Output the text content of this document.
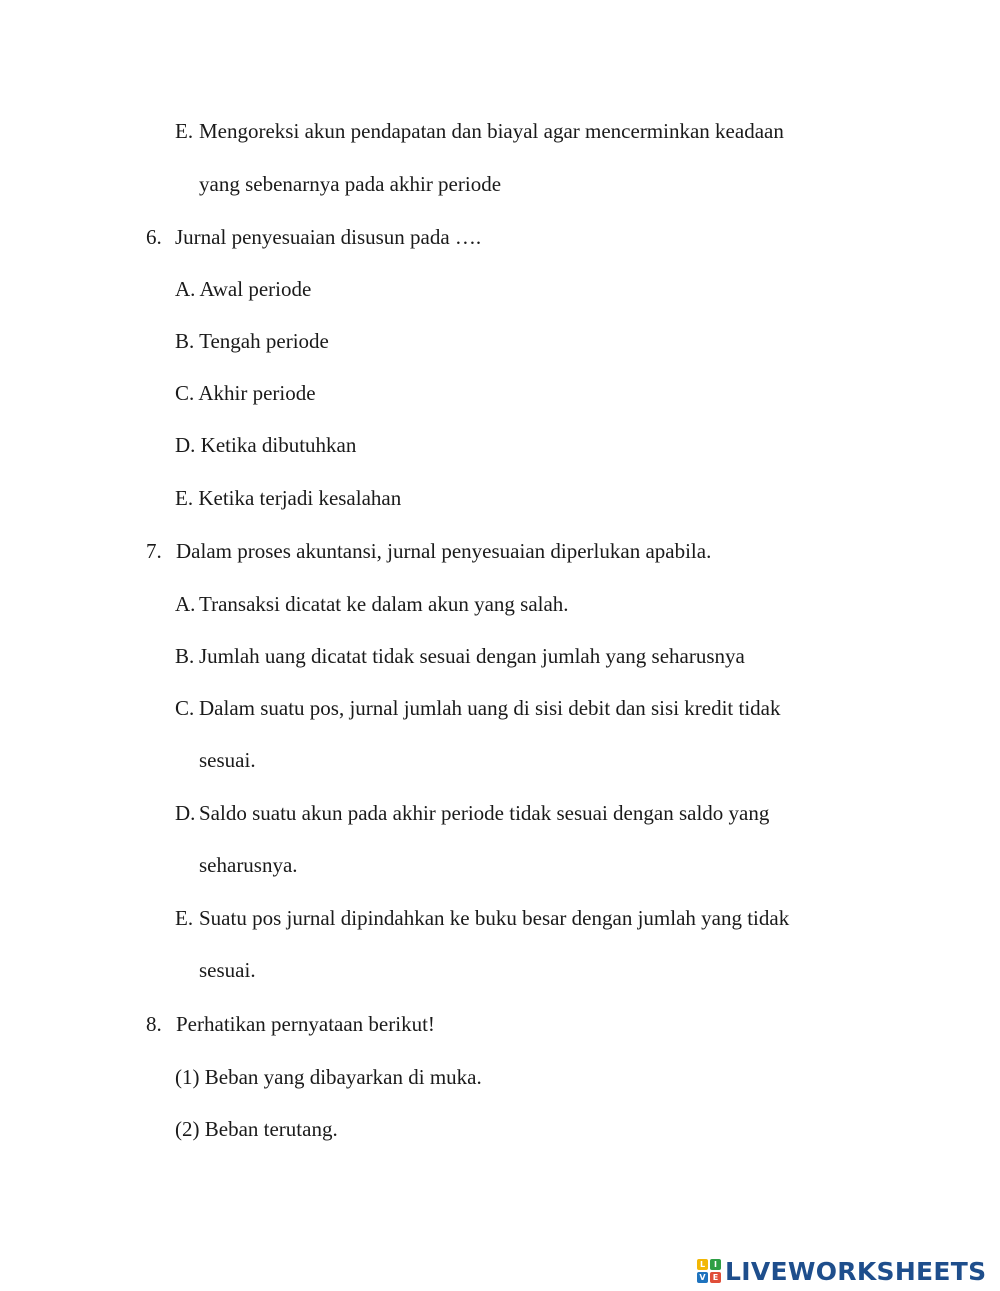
E. Mengoreksi akun pendapatan dan biayal agar mencerminkan keadaan
yang sebenarnya pada akhir periode
6. Jurnal penyesuaian disusun pada ….
A. Awal periode
B. Tengah periode
C. Akhir periode
D. Ketika dibutuhkan
E. Ketika terjadi kesalahan
7. Dalam proses akuntansi, jurnal penyesuaian diperlukan apabila.
A. Transaksi dicatat ke dalam akun yang salah.
B. Jumlah uang dicatat tidak sesuai dengan jumlah yang seharusnya
C. Dalam suatu pos, jurnal jumlah uang di sisi debit dan sisi kredit tidak
sesuai.
D. Saldo suatu akun pada akhir periode tidak sesuai dengan saldo yang
seharusnya.
E. Suatu pos jurnal dipindahkan ke buku besar dengan jumlah yang tidak
sesuai.
8. Perhatikan pernyataan berikut!
(1) Beban yang dibayarkan di muka.
(2) Beban terutang.
L	I
V E LIVEWORKSHEETS
